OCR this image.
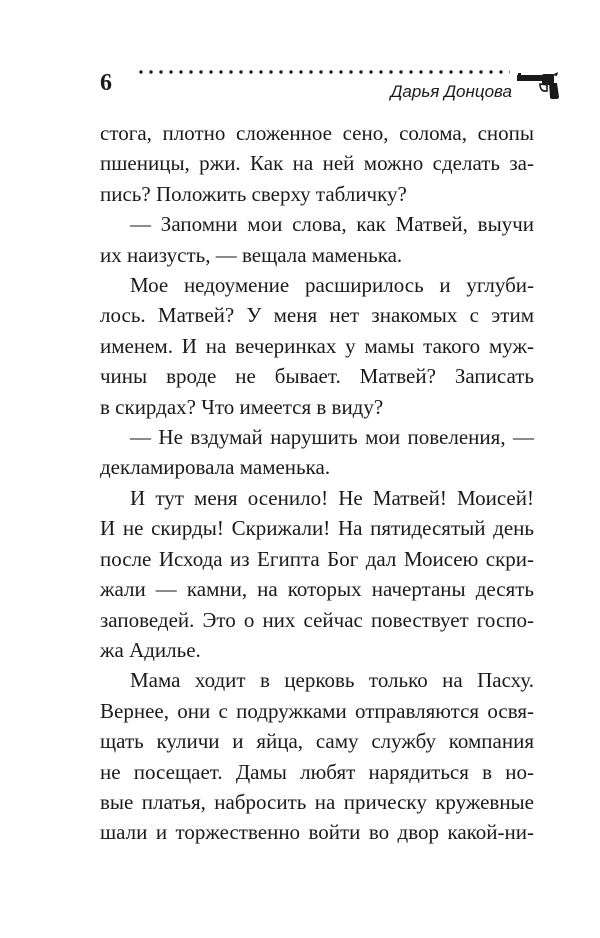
6	Дарья Донцова

стога, плотно сложенное сено, солома, снопы
пшеницы, ржи. Как на ней можно сделать за-
пись? Положить сверху табличку?

— Запомни мои слова, как Матвей, выучи
их наизусть, — вещала маменька.

Мое недоумение расширилось и углуби-
лось. Матвей? У меня нет знакомых с этим
именем. И на вечеринках у мамы такого муж-
чины вроде не бывает. Матвей? Записать
в скирдах? Что имеется в виду?

— Не вздумай нарушить мои повеления, —
декламировала маменька.

И тут меня осенило! Не Матвей! Моисей!
И не скирды! Скрижали! На пятидесятый день
после Исхода из Египта Бог дал Моисею скри-
жали — камни, на которых начертаны десять
заповедей. Это о них сейчас повествует госпо-
жа Адилье.

Мама ходит в церковь только на Пасху.
Вернее, они с подружками отправляются освя-
щать куличи и яйца, саму службу компания
не посещает. Дамы любят нарядиться в но-
вые платья, набросить на прическу кружевные
шали и торжественно войти во двор какой-ни-
